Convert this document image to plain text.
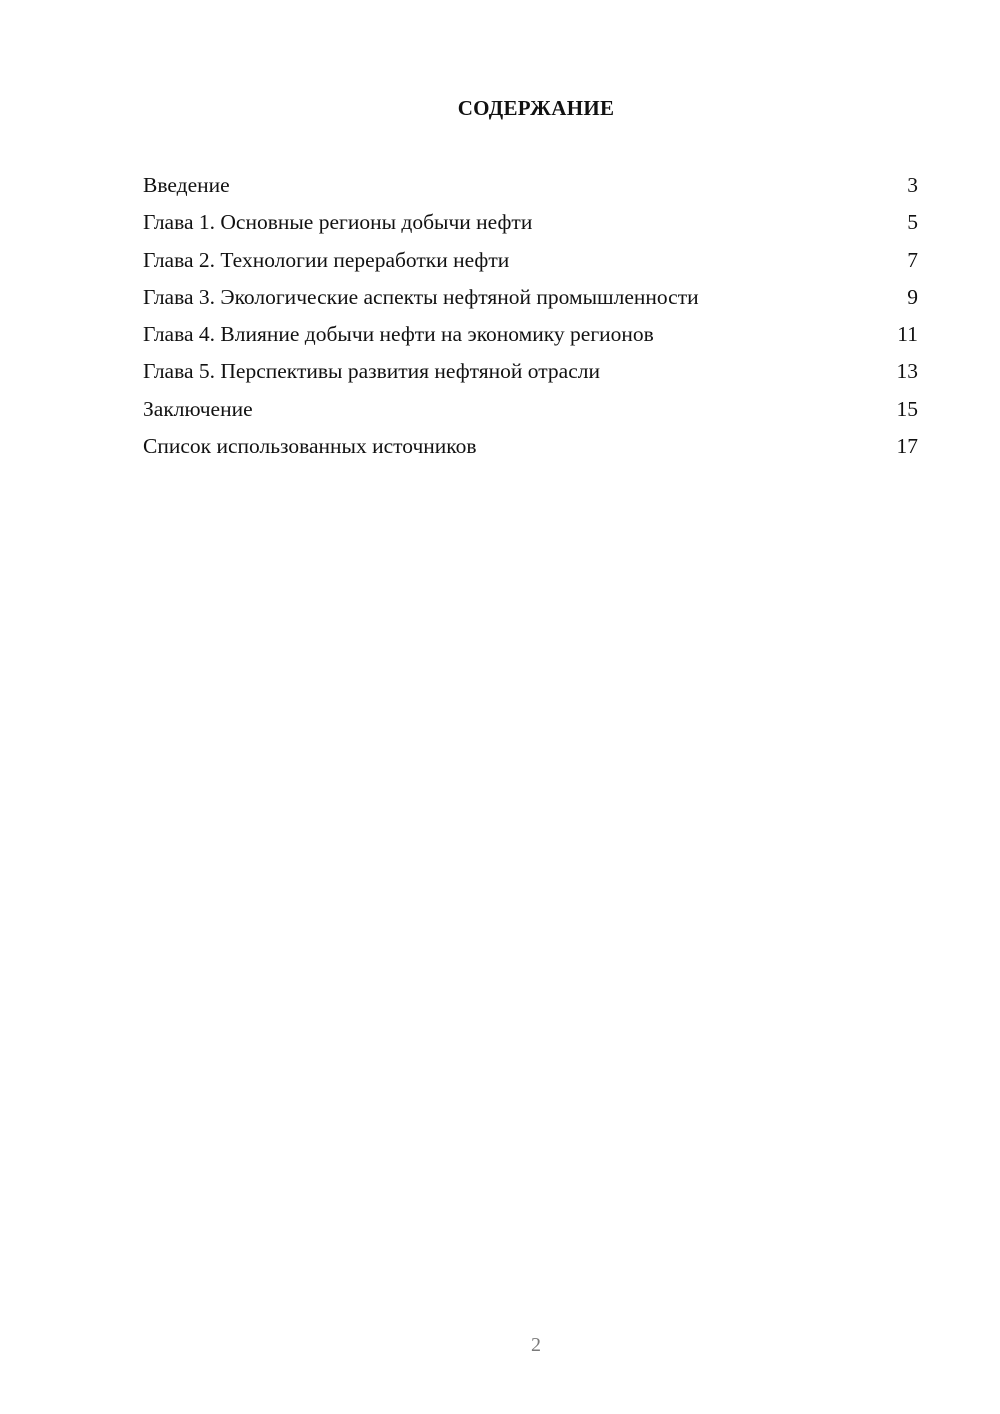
СОДЕРЖАНИЕ
Введение	3
Глава 1. Основные регионы добычи нефти	5
Глава 2. Технологии переработки нефти	7
Глава 3. Экологические аспекты нефтяной промышленности	9
Глава 4. Влияние добычи нефти на экономику регионов	11
Глава 5. Перспективы развития нефтяной отрасли	13
Заключение	15
Список использованных источников	17
2
